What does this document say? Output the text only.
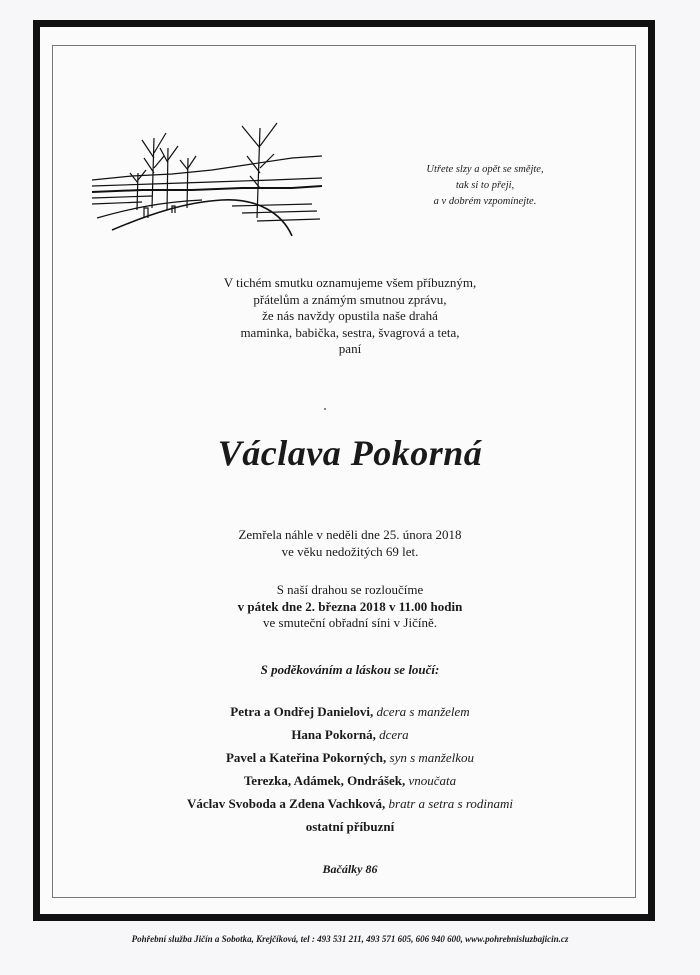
Utřete slzy a opět se smějte,
tak si to přeji,
a v dobrém vzpomínejte.
V tichém smutku oznamujeme všem příbuzným,
přátelům a známým smutnou zprávu,
že nás navždy opustila naše drahá
maminka, babička, sestra, švagrová a teta,
paní
Václava Pokorná
Zemřela náhle v neděli dne 25. února 2018
ve věku nedožitých 69 let.
S naší drahou se rozloučíme
v pátek dne 2. března 2018 v 11.00 hodin
ve smuteční obřadní síni v Jičíně.
S poděkováním a láskou se loučí:
Petra a Ondřej Danielovi, dcera s manželem
Hana Pokorná, dcera
Pavel a Kateřina Pokorných, syn s manželkou
Terezka, Adámek, Ondrášek, vnoučata
Václav Svoboda a Zdena Vachková, bratr a setra s rodinami
ostatní příbuzní
Bačálky 86
Pohřební služba Jičín a Sobotka, Krejčíková, tel : 493 531 211, 493 571 605, 606 940 600, www.pohrebnisluzbajicin.cz
